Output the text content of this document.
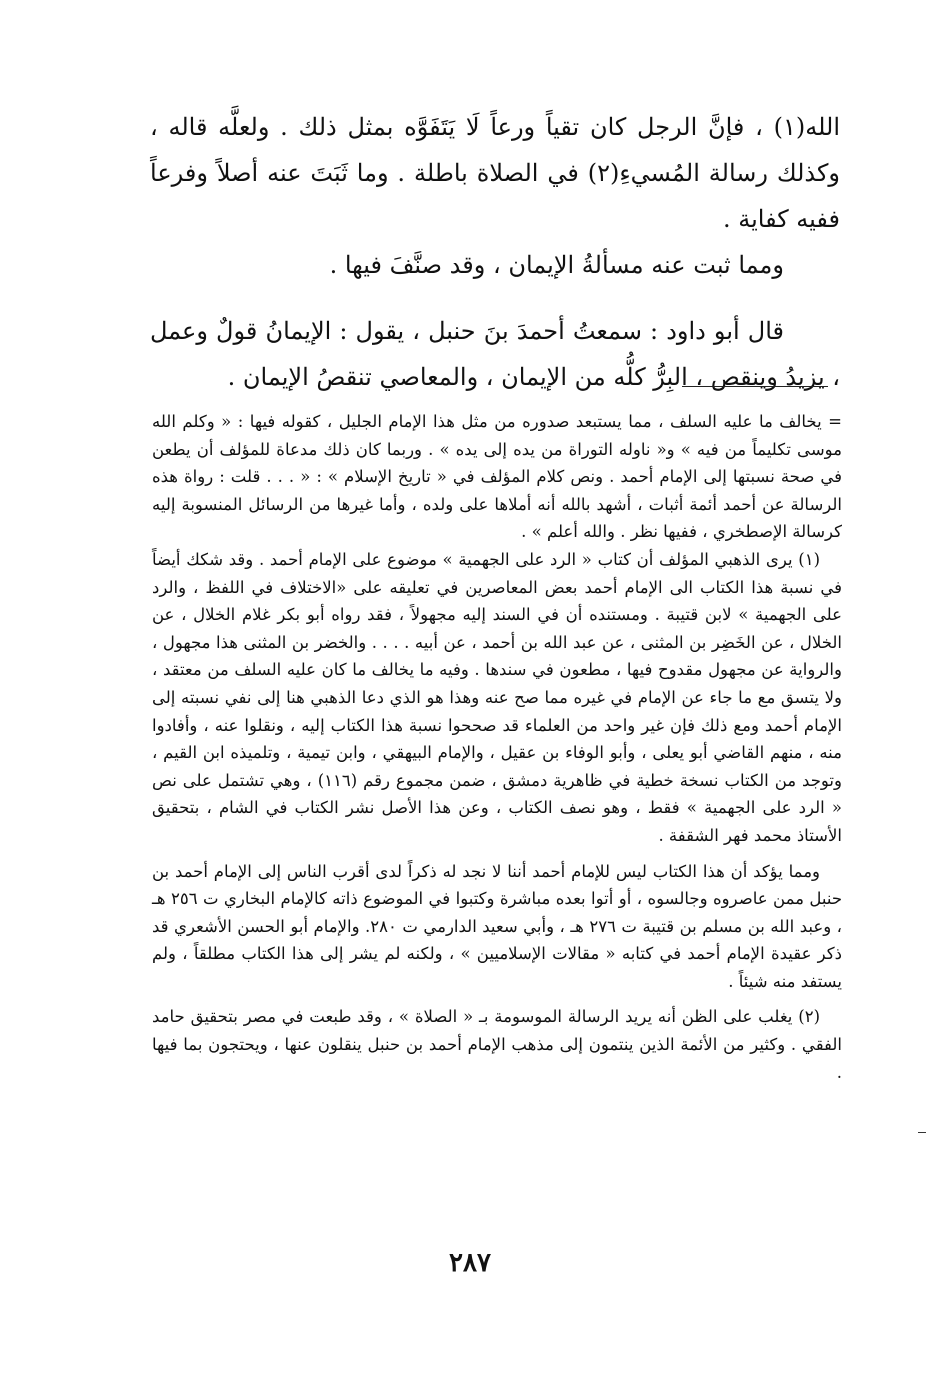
الله(١) ، فإنَّ الرجل كان تقياً ورعاً لَا يَتَفَوَّه بمثل ذلك . ولعلَّه قاله ، وكذلك رسالة المُسيءِ(٢) في الصلاة باطلة . وما ثَبَتَ عنه أصلاً وفرعاً ففيه كفاية .

ومما ثبت عنه مسألةُ الإيمان ، وقد صنَّفَ فيها .

قال أبو داود : سمعتُ أحمدَ بنَ حنبل ، يقول : الإيمانُ قولٌ وعمل ، يزيدُ وينقص ، البِرُّ كلُّه من الإيمان ، والمعاصي تنقصُ الإيمان .

= يخالف ما عليه السلف ، مما يستبعد صدوره من مثل هذا الإمام الجليل ، كقوله فيها : « وكلم الله موسى تكليماً من فيه » و« ناوله التوراة من يده إلى يده » . وربما كان ذلك مدعاة للمؤلف أن يطعن في صحة نسبتها إلى الإمام أحمد . ونص كلام المؤلف في « تاريخ الإسلام » : « . . . قلت : رواة هذه الرسالة عن أحمد أئمة أثبات ، أشهد بالله أنه أملاها على ولده ، وأما غيرها من الرسائل المنسوبة إليه كرسالة الإصطخري ، ففيها نظر . والله أعلم » .

(١) يرى الذهبي المؤلف أن كتاب « الرد على الجهمية » موضوع على الإمام أحمد . وقد شكك أيضاً في نسبة هذا الكتاب الى الإمام أحمد بعض المعاصرين في تعليقه على «الاختلاف في اللفظ ، والرد على الجهمية » لابن قتيبة . ومستنده أن في السند إليه مجهولاً ، فقد رواه أبو بكر غلام الخلال ، عن الخلال ، عن الخَضِر بن المثنى ، عن عبد الله بن أحمد ، عن أبيه . . . . والخضر بن المثنى هذا مجهول ، والرواية عن مجهول مقدوح فيها ، مطعون في سندها . وفيه ما يخالف ما كان عليه السلف من معتقد ، ولا يتسق مع ما جاء عن الإمام في غيره مما صح عنه وهذا هو الذي دعا الذهبي هنا إلى نفي نسبته إلى الإمام أحمد ومع ذلك فإن غير واحد من العلماء قد صححوا نسبة هذا الكتاب إليه ، ونقلوا عنه ، وأفادوا منه ، منهم القاضي أبو يعلى ، وأبو الوفاء بن عقيل ، والإمام البيهقي ، وابن تيمية ، وتلميذه ابن القيم ، وتوجد من الكتاب نسخة خطية في ظاهرية دمشق ، ضمن مجموع رقم (١١٦) ، وهي تشتمل على نص « الرد على الجهمية » فقط ، وهو نصف الكتاب ، وعن هذا الأصل نشر الكتاب في الشام ، بتحقيق الأستاذ محمد فهر الشقفة .

ومما يؤكد أن هذا الكتاب ليس للإمام أحمد أننا لا نجد له ذكراً لدى أقرب الناس إلى الإمام أحمد بن حنبل ممن عاصروه وجالسوه ، أو أتوا بعده مباشرة وكتبوا في الموضوع ذاته كالإمام البخاري ت ٢٥٦ هـ ، وعبد الله بن مسلم بن قتيبة ت ٢٧٦ هـ ، وأبي سعيد الدارمي ت ٢٨٠. والإمام أبو الحسن الأشعري قد ذكر عقيدة الإمام أحمد في كتابه « مقالات الإسلاميين » ، ولكنه لم يشر إلى هذا الكتاب مطلقاً ، ولم يستفد منه شيئاً .

(٢) يغلب على الظن أنه يريد الرسالة الموسومة بـ « الصلاة » ، وقد طبعت في مصر بتحقيق حامد الفقي . وكثير من الأئمة الذين ينتمون إلى مذهب الإمام أحمد بن حنبل ينقلون عنها ، ويحتجون بما فيها .

٢٨٧
